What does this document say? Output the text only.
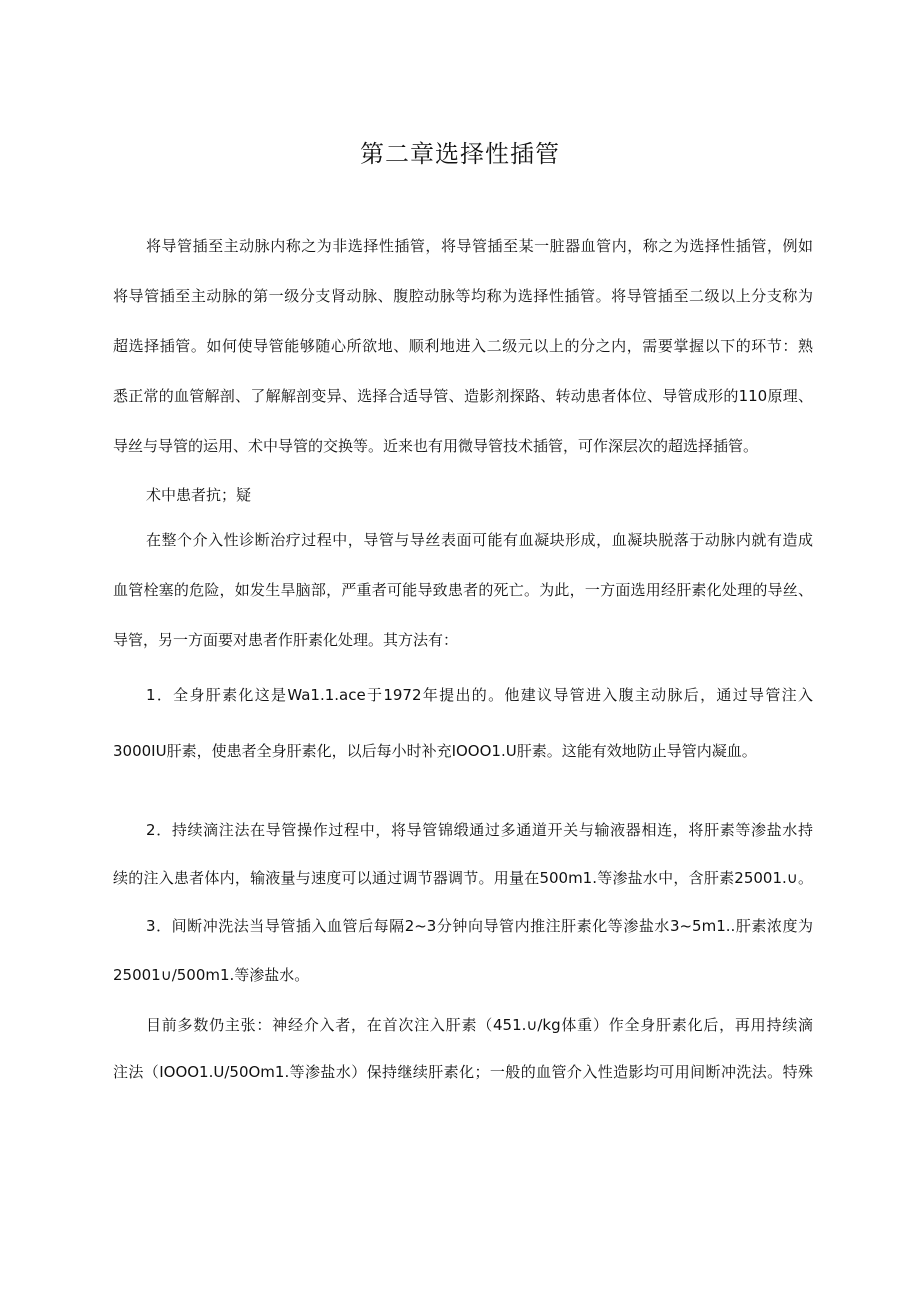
第二章选择性插管
将导管插至主动脉内称之为非选择性插管，将导管插至某一脏器血管内，称之为选择性插管，例如
将导管插至主动脉的第一级分支肾动脉、腹腔动脉等均称为选择性插管。将导管插至二级以上分支称为
超选择插管。如何使导管能够随心所欲地、顺利地进入二级元以上的分之内，需要掌握以下的环节：熟
悉正常的血管解剖、了解解剖变异、选择合适导管、造影剂探路、转动患者体位、导管成形的110原理、
导丝与导管的运用、术中导管的交换等。近来也有用微导管技术插管，可作深层次的超选择插管。
术中患者抗；疑
在整个介入性诊断治疗过程中，导管与导丝表面可能有血凝块形成，血凝块脱落于动脉内就有造成
血管栓塞的危险，如发生旱脑部，严重者可能导致患者的死亡。为此，一方面选用经肝素化处理的导丝、
导管，另一方面要对患者作肝素化处理。其方法有：
1．全身肝素化这是Wa1.1.ace于1972年提出的。他建议导管进入腹主动脉后，通过导管注入
3000IU肝素，使患者全身肝素化，以后每小时补充IOOO1.U肝素。这能有效地防止导管内凝血。
2．持续滴注法在导管操作过程中，将导管锦缎通过多通道开关与输液器相连，将肝素等渗盐水持
续的注入患者体内，输液量与速度可以通过调节器调节。用量在500m1.等渗盐水中，含肝素25001.∪。
3．间断冲洗法当导管插入血管后每隔2~3分钟向导管内推注肝素化等渗盐水3~5m1..肝素浓度为
25001∪∕500m1.等渗盐水。
目前多数仍主张：神经介入者，在首次注入肝素（451.∪∕kg体重）作全身肝素化后，再用持续滴
注法（IOOO1.U/50Om1.等渗盐水）保持继续肝素化；一般的血管介入性造影均可用间断冲洗法。特殊
